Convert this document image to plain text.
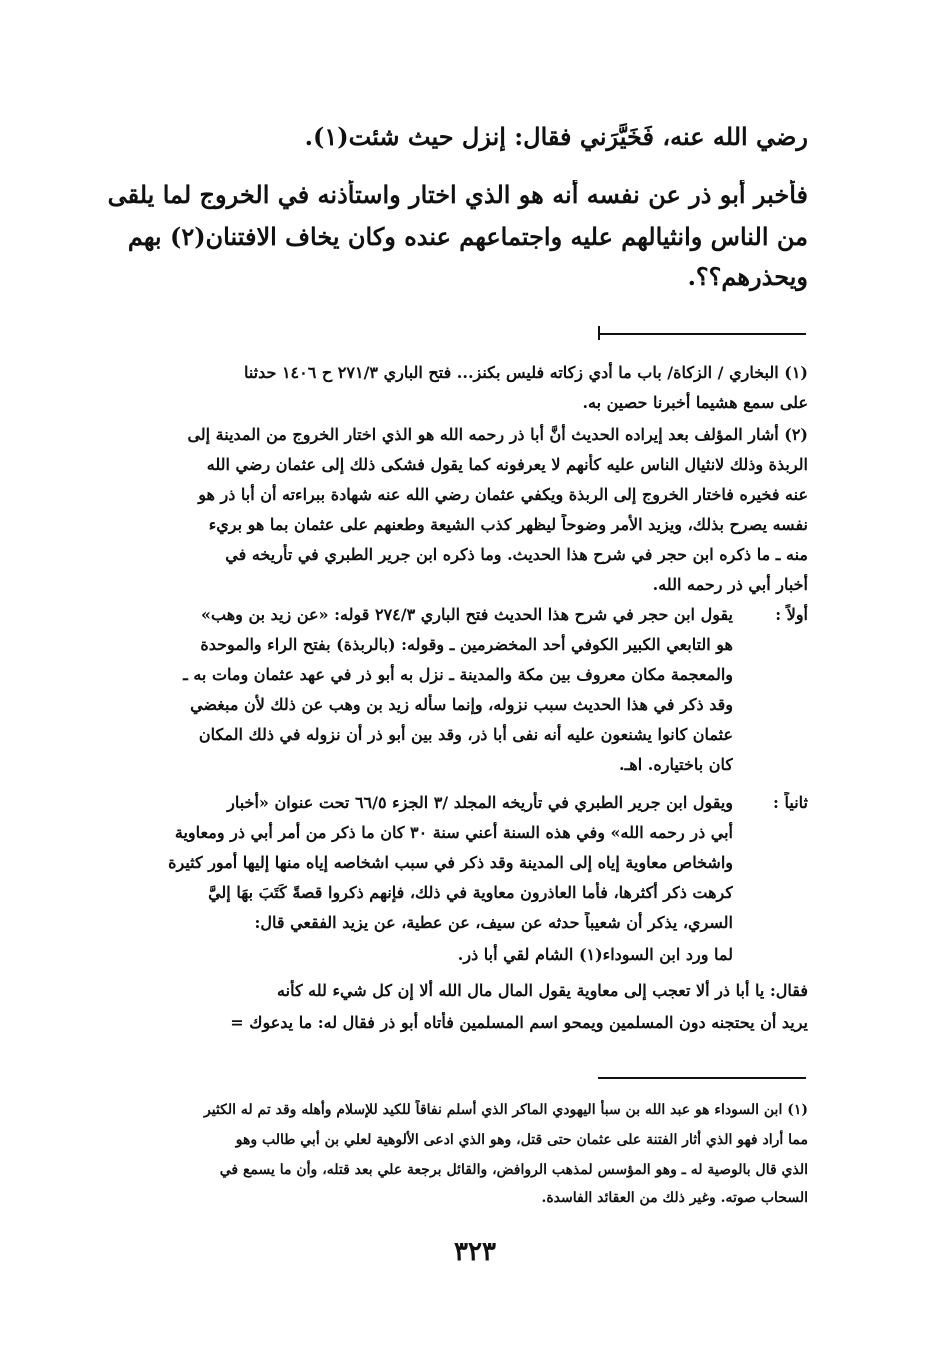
رضي الله عنه، فَخَيَّرَني فقال: إنزل حيث شئت(١).
فأخبر أبو ذر عن نفسه أنه هو الذي اختار واستأذنه في الخروج لما يلقى
من الناس وانثيالهم عليه واجتماعهم عنده وكان يخاف الافتنان(٢) بهم
ويحذرهم؟؟.
(١) البخاري / الزكاة/ باب ما أدي زكاته فليس بكنز... فتح الباري ٢٧١/٣ ح ١٤٠٦ حدثنا
على سمع هشيما أخبرنا حصين به.
(٢) أشار المؤلف بعد إيراده الحديث أنَّ أبا ذر رحمه الله هو الذي اختار الخروج من المدينة إلى
الربذة وذلك لانثيال الناس عليه كأنهم لا يعرفونه كما يقول فشكى ذلك إلى عثمان رضي الله
عنه فخيره فاختار الخروج إلى الربذة ويكفي عثمان رضي الله عنه شهادة ببراءته أن أبا ذر هو
نفسه يصرح بذلك، ويزيد الأمر وضوحاً ليظهر كذب الشيعة وطعنهم على عثمان بما هو بريء
منه ـ ما ذكره ابن حجر في شرح هذا الحديث. وما ذكره ابن جرير الطبري في تأريخه في
أخبار أبي ذر رحمه الله.
أولاً :
يقول ابن حجر في شرح هذا الحديث فتح الباري ٢٧٤/٣ قوله: «عن زيد بن وهب»
هو التابعي الكبير الكوفي أحد المخضرمين ـ وقوله: (بالربذة) بفتح الراء والموحدة
والمعجمة مكان معروف بين مكة والمدينة ـ نزل به أبو ذر في عهد عثمان ومات به ـ
وقد ذكر في هذا الحديث سبب نزوله، وإنما سأله زيد بن وهب عن ذلك لأن مبغضي
عثمان كانوا يشنعون عليه أنه نفى أبا ذر، وقد بين أبو ذر أن نزوله في ذلك المكان
كان باختياره. اهـ.
ثانياً :
ويقول ابن جرير الطبري في تأريخه المجلد /٣ الجزء ٦٦/٥ تحت عنوان «أخبار
أبي ذر رحمه الله» وفي هذه السنة أعني سنة ٣٠ كان ما ذكر من أمر أبي ذر ومعاوية
واشخاص معاوية إياه إلى المدينة وقد ذكر في سبب اشخاصه إياه منها إليها أمور كثيرة
كرهت ذكر أكثرها، فأما العاذرون معاوية في ذلك، فإنهم ذكروا قصةً كَتَبَ بهَا إليَّ
السري، يذكر أن شعيباً حدثه عن سيف، عن عطية، عن يزيد الفقعي قال:
لما ورد ابن السوداء(١) الشام لقي أبا ذر.
فقال: يا أبا ذر ألا تعجب إلى معاوية يقول المال مال الله ألا إن كل شيء لله كأنه
يريد أن يحتجنه دون المسلمين ويمحو اسم المسلمين فأتاه أبو ذر فقال له: ما يدعوك =
(١) ابن السوداء هو عبد الله بن سبأ اليهودي الماكر الذي أسلم نفاقاً للكيد للإسلام وأهله وقد تم له الكثير
مما أراد فهو الذي أثار الفتنة على عثمان حتى قتل، وهو الذي ادعى الألوهية لعلي بن أبي طالب وهو
الذي قال بالوصية له ـ وهو المؤسس لمذهب الروافض، والقائل برجعة علي بعد قتله، وأن ما يسمع في
السحاب صوته. وغير ذلك من العقائد الفاسدة.
٣٢٣
